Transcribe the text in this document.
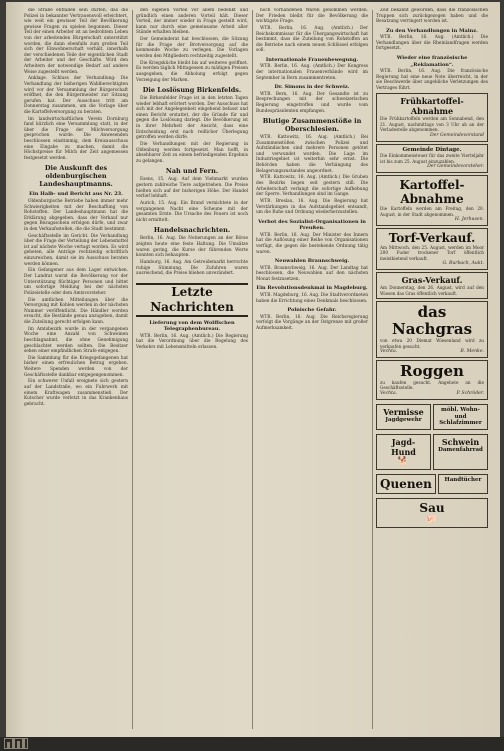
die Straße entfallen sein dürfen, das die Polizei in bekannter Vertrauensvoll erleichtert, wie weit ein gewisser Teil der Bevölkerung gewisse Fragen zu spielen begonnen. Dieser Teil der einen Arbeiter ist an bedrohtem Leben von der arbeitenden Bürgerschaft unterstützt worden, die dann ebenfalls zum großen Teil sich der Einwohnerschaft verhält, innerhalb der verschiedenen Teile der eigentlichen Stadt der Arbeiter und der Geschäfte. Wird den Arbeitern der notwendige Bedarf auf andere Weise zugestellt werden.

Anklage. Schluss der Verhandlung: Die Verhandlung der bisherigen Wahlberechtigten wird vor der Versammlung der Bürgerschaft eröffnet, die den Bürgermeister zur Sitzung gerufen hat. Der Ausschuss tritt am Donnerstag zusammen, um die Vorlage über die Kartoffelversorgung zu beraten.

Im landwirtschaftlichen Verein Dornburg fand kürzlich eine Versammlung statt, in der über die Frage der Milchversorgung gesprochen wurde. Die Anwesenden beschlossen einstimmig, dem Kreisausschuss eine Eingabe zu machen, damit die Höchstpreise für Milch der Zeit angemessen festgesetzt werden.

Die Auskunft des oldenburgischen Landeshauptmanns.
Ein Halb- und Bericht aus Nr. 23.

Oldenburgische Betriebe haben immer mehr Schwierigkeiten mit der Beschaffung von Rohstoffen. Der Landeshauptmann hat die Erklärung abgegeben, dass der Verkauf nur gegen Bezugsschein erfolgen dürfe, und zwar in den Verkaufsstellen, die die Stadt bestimmt.

Geschäftsstelle im Gericht. Die Verhandlung über die Frage der Verteilung der Lebensmittel ist auf nächste Woche vertagt worden. Es wird gebeten, alle Anträge rechtzeitig schriftlich einzureichen, damit sie im Ausschuss beraten werden können.

Ein Gefangener aus dem Lager entwichen. Der Landrat warnt die Bevölkerung vor der Unterstützung flüchtiger Personen und bittet um sofortige Meldung bei der nächsten Polizeistelle oder dem Amtsvorsteher.

Die amtlichen Mitteilungen über die Versorgung mit Kohlen werden in der nächsten Nummer veröffentlicht. Die Händler werden ersucht, die Bestände genau anzugeben, damit die Zuteilung gerecht erfolgen kann.

Im Amtsbezirk wurde in der vergangenen Woche eine Anzahl von Schweinen beschlagnahmt, die ohne Genehmigung geschlachtet werden sollten. Die Besitzer sehen einer empfindlichen Strafe entgegen.

Die Sammlung für die Kriegsgefangenen hat bisher einen erfreulichen Betrag ergeben. Weitere Spenden werden von der Geschäftsstelle dankbar entgegengenommen.

Ein schwerer Unfall ereignete sich gestern auf der Landstraße, wo ein Fuhrwerk mit einem Kraftwagen zusammenstieß. Der Kutscher wurde verletzt in das Krankenhaus gebracht.

den eigenen Vorteil vor allem bedenkt und gründlich einen anderen Vorteil hält. Dieser Vorteil, der immer wieder in Frage gestellt wird, kann nur durch eine gemeinsame Arbeit aller Stände erhalten bleiben.

Der Gemeinderat hat beschlossen, die Sitzung für die Frage der Brotversorgung auf die kommende Woche zu verlegen. Die Vorlagen werden den Mitgliedern rechtzeitig zugestellt.

Die Kriegsküche bleibt bis auf weiteres geöffnet. Es werden täglich Mittagessen zu mäßigen Preisen ausgegeben, die Abholung erfolgt gegen Vorzeigung der Marken.

Die Loslösung Birkenfelds.

Die Birkenfelder Frage ist in den letzten Tagen wieder lebhaft erörtert worden. Der Ausschuss hat sich mit der Angelegenheit eingehend befasst und einen Bericht erstattet, der die Gründe für und gegen die Loslösung darlegt. Die Bevölkerung ist in ihrer Mehrheit der Ansicht, dass eine Entscheidung erst nach reiflicher Überlegung getroffen werden dürfe.

Die Verhandlungen mit der Regierung in Oldenburg werden fortgesetzt. Man hofft, in absehbarer Zeit zu einem befriedigenden Ergebnis zu gelangen.

Nah und Fern.

Esens, 15. Aug. Auf dem Viehmarkt wurden gestern zahlreiche Tiere aufgetrieben. Die Preise hielten sich auf der bisherigen Höhe. Der Handel verlief lebhaft.

Aurich, 15. Aug. Ein Brand vernichtete in der vergangenen Nacht eine Scheune mit der gesamten Ernte. Die Ursache des Feuers ist noch nicht ermittelt.

Handelsnachrichten.

Berlin, 16. Aug. Die Notierungen an der Börse zeigten heute eine feste Haltung. Die Umsätze waren gering, die Kurse der führenden Werte konnten sich behaupten.

Hamburg, 16. Aug. Am Getreidemarkt herrschte ruhige Stimmung. Die Zufuhren waren ausreichend, die Preise blieben unverändert.

Letzte Nachrichten
Lieferung von dem Wolffschen Telegraphenbureau.

WTB. Berlin, 16. Aug. (Amtlich.) Die Regierung hat die Verordnung über die Regelung des Verkehrs mit Lebensmitteln erlassen.

noch vorhandenen Waren genommen werden. Der Frieden bleibt für die Bevölkerung die wichtigste Frage.

WTB. Berlin, 16. Aug. (Amtlich.) Der Reichskommissar für die Übergangswirtschaft hat bestimmt, dass die Zuteilung von Rohstoffen an die Betriebe nach einem neuen Schlüssel erfolgen soll.

Internationale Frauenbewegung.

WTB. Berlin, 16. Aug. (Amtlich.) Der Kongress der internationalen Frauenverbände wird im September in Bern zusammentreten.

Dr. Simons in der Schweiz.

WTB. Bern, 16. Aug. Der Gesandte ist zu Besprechungen mit der schweizerischen Regierung eingetroffen und wurde vom Bundespräsidenten empfangen.

Blutige Zusammenstöße in Oberschlesien.

WTB. Kattowitz, 16. Aug. (Amtlich.) Bei Zusammenstößen zwischen Polizei und Aufständischen sind mehrere Personen getötet und verwundet worden. Die Lage im Industriegebiet ist weiterhin sehr ernst. Die Behörden haben die Verhängung des Belagerungszustandes angeordnet.

WTB. Kattowitz, 16. Aug. (Amtlich.) Die Gruben des Bezirks liegen seit gestern still. Die Arbeiterschaft verlangt die sofortige Aufhebung der Sperre. Verhandlungen sind im Gange.

WTB. Breslau, 16. Aug. Die Regierung hat Verstärkungen in das Aufstandsgebiet entsandt, um die Ruhe und Ordnung wiederherzustellen.

Verbot des Sozialist-Organisationen in Preußen.

WTB. Berlin, 16. Aug. Der Minister des Innern hat die Auflösung einer Reihe von Organisationen verfügt, die gegen die bestehende Ordnung tätig waren.

Neuwahlen Braunschweig.

WTB. Braunschweig, 16. Aug. Der Landtag hat beschlossen, die Neuwahlen auf den nächsten Monat festzusetzen.

Ein Revolutionsdenkmal in Magdeburg.

WTB. Magdeburg, 16. Aug. Die Stadtverordneten haben die Errichtung eines Denkmals beschlossen.

Polnische Gefahr.

WTB. Berlin, 16. Aug. Die Reichsregierung verfolgt die Vorgänge an der Ostgrenze mit großer Aufmerksamkeit.

Zeit bekannt geworden, dass die französischen Truppen sich zurückgezogen haben und die Besatzung verringert worden ist.

Zu den Verhandlungen in Mainz.

WTB. Berlin, 16. Aug. (Amtlich.) Die Verhandlungen über die Rheinlandfragen werden fortgesetzt.

Wieder eine französische „Reklamation“.

WTB. Berlin, 16. Aug. Die französische Regierung hat eine neue Note überreicht, in der sie Beschwerde über angebliche Verletzungen des Vertrages führt.

Frühkartoffel-Abnahme
Die Frühkartoffeln werden am Sonnabend, den 21. August, nachmittags von 3 Uhr ab an der Verladestelle abgenommen.
Der Gemeindevorstand
Gemeinde Dintage.
Die Einkommensteuer für das zweite Vierteljahr ist bis zum 25. August einzuzahlen.
Der Gemeindevorsteher.
Kartoffel-Abnahme
Die Kartoffeln werden am Freitag, den 20. August, in der Stadt abgenommen.
H. Jerhusen.
Torf-Verkauf.
Am Mittwoch, den 25. August, werden im Moor 200 Fuder trockener Torf öffentlich meistbietend verkauft.
G. Burbach, Aukt.
Gras-Verkauf.
Am Donnerstag, den 26. August, wird auf den Wiesen das Gras öffentlich verkauft.
das Nachgras
von etwa 20 Diemat Wiesenland wird zu verkaufen gesucht.
Vechta.	B. Menke.
Roggen
zu kaufen gesucht. Angebote an die Geschäftsstelle.
Vechta.	P. Schröder.
Vermisse
Jagdgewehr
möbl. Wohn- und Schlafzimmer
Jagd-Hund
🐕
Schwein
Damenfahrrad
Quenen	Handtücher
Sau
🐖
